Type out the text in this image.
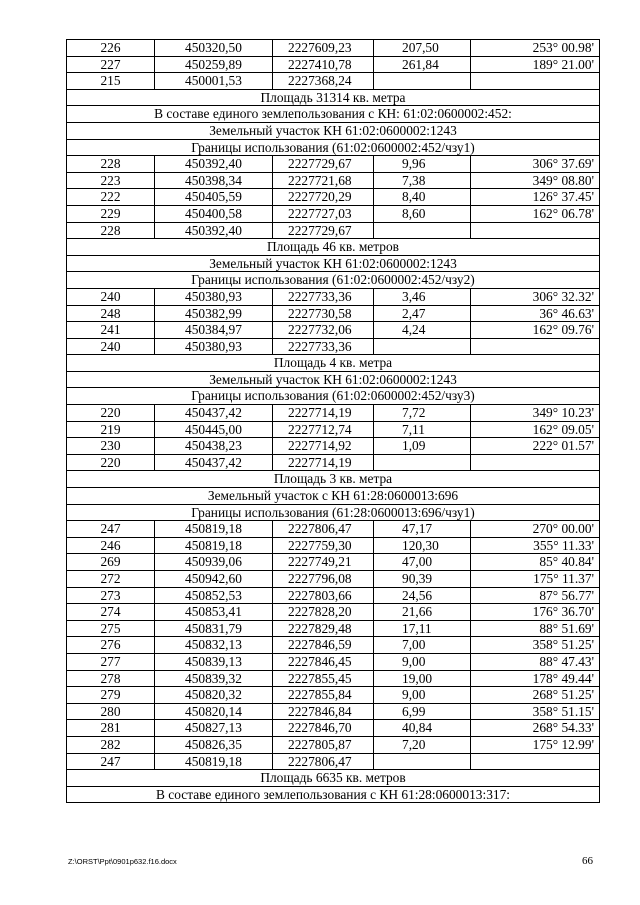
226	450320,50	2227609,23	207,50	253° 00.98'
227	450259,89	2227410,78	261,84	189° 21.00'
215	450001,53	2227368,24		
Площадь 31314 кв. метра				
В составе единого землепользования с КН: 61:02:0600002:452:				
Земельный участок КН 61:02:0600002:1243				
Границы использования (61:02:0600002:452/чзу1)				
228	450392,40	2227729,67	9,96	306° 37.69'
223	450398,34	2227721,68	7,38	349° 08.80'
222	450405,59	2227720,29	8,40	126° 37.45'
229	450400,58	2227727,03	8,60	162° 06.78'
228	450392,40	2227729,67		
Площадь 46 кв. метров				
Земельный участок КН 61:02:0600002:1243				
Границы использования (61:02:0600002:452/чзу2)				
240	450380,93	2227733,36	3,46	306° 32.32'
248	450382,99	2227730,58	2,47	36° 46.63'
241	450384,97	2227732,06	4,24	162° 09.76'
240	450380,93	2227733,36		
Площадь 4 кв. метра				
Земельный участок КН 61:02:0600002:1243				
Границы использования (61:02:0600002:452/чзу3)				
220	450437,42	2227714,19	7,72	349° 10.23'
219	450445,00	2227712,74	7,11	162° 09.05'
230	450438,23	2227714,92	1,09	222° 01.57'
220	450437,42	2227714,19		
Площадь 3 кв. метра				
Земельный участок с КН 61:28:0600013:696				
Границы использования (61:28:0600013:696/чзу1)				
247	450819,18	2227806,47	47,17	270° 00.00'
246	450819,18	2227759,30	120,30	355° 11.33'
269	450939,06	2227749,21	47,00	85° 40.84'
272	450942,60	2227796,08	90,39	175° 11.37'
273	450852,53	2227803,66	24,56	87° 56.77'
274	450853,41	2227828,20	21,66	176° 36.70'
275	450831,79	2227829,48	17,11	88° 51.69'
276	450832,13	2227846,59	7,00	358° 51.25'
277	450839,13	2227846,45	9,00	88° 47.43'
278	450839,32	2227855,45	19,00	178° 49.44'
279	450820,32	2227855,84	9,00	268° 51.25'
280	450820,14	2227846,84	6,99	358° 51.15'
281	450827,13	2227846,70	40,84	268° 54.33'
282	450826,35	2227805,87	7,20	175° 12.99'
247	450819,18	2227806,47		
Площадь 6635 кв. метров				
В составе единого землепользования с КН 61:28:0600013:317:				
Z:\ORST\Ppt\0901p632.f16.docx	66
